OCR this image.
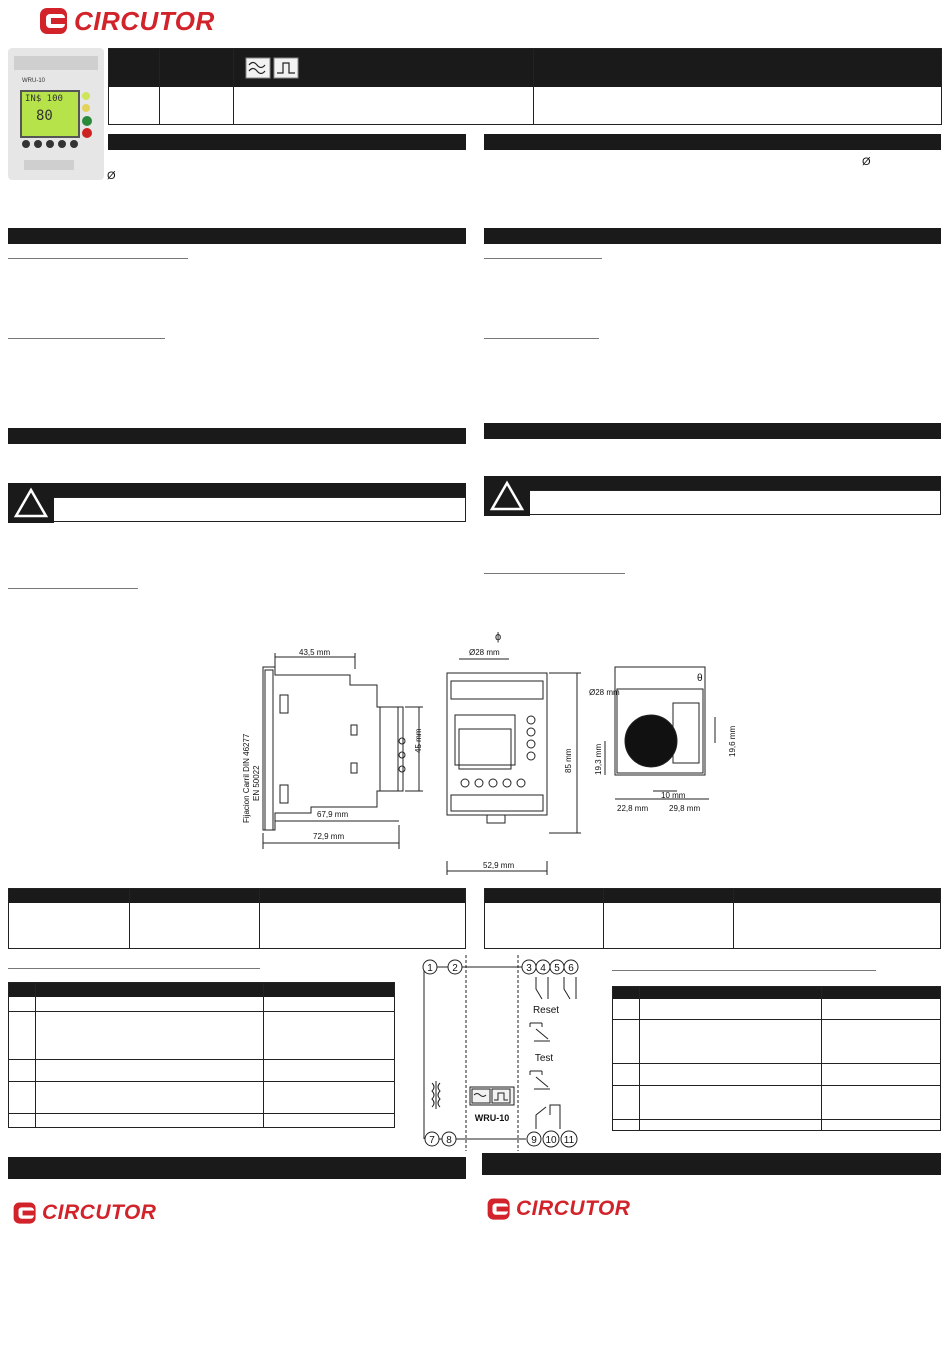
CIRCUTOR
WRU-10
IN$ 100
80
Ø
Ø
43,5 mm
45 mm
67,9 mm
72,9 mm
Fijacion Carril DIN 46277 EN 50022
Ø28 mm
ϕ
85 mm
52,9 mm
Ø28 mm
19,3 mm
19,6 mm
10 mm
22,8 mm	29,8 mm
θ
1 2	3 4 5 6
7 8	9 10 11
Reset
Test
WRU-10
CIRCUTOR	CIRCUTOR
